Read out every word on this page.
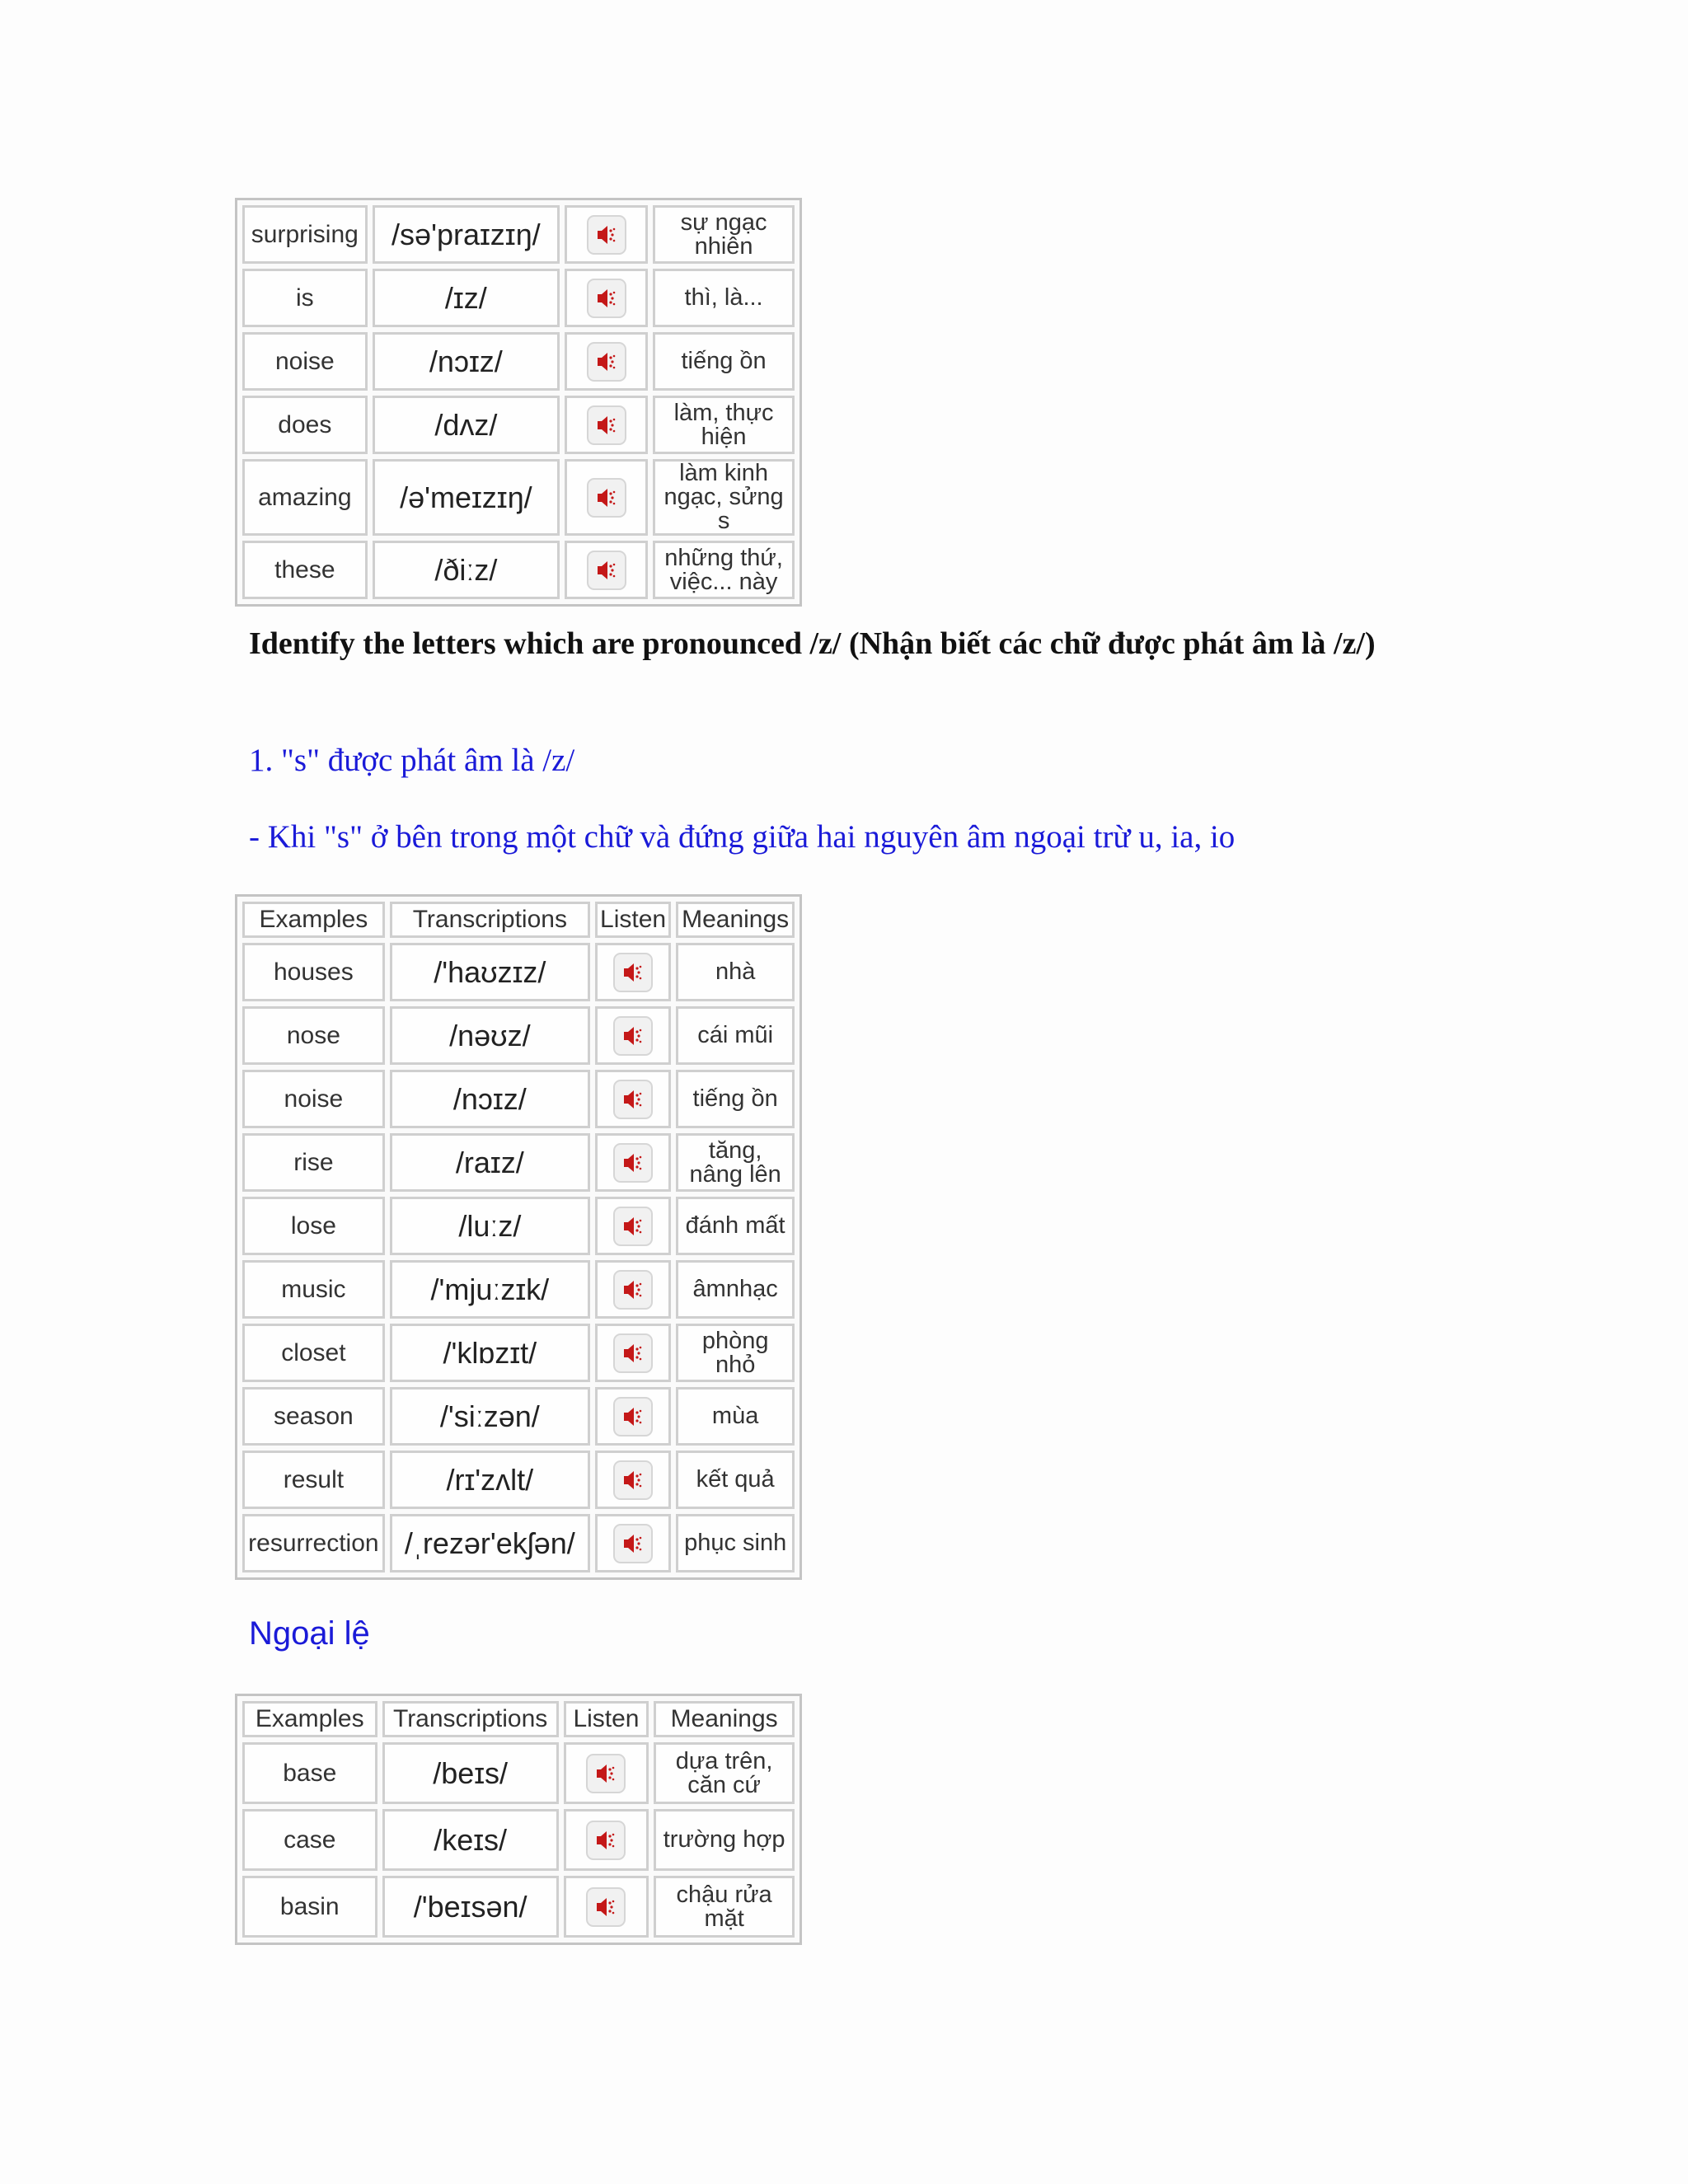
surprising	/sə'praɪzɪŋ/		sự ngạc nhiên
is	/ɪz/		thì, là...
noise	/nɔɪz/		tiếng ồn
does	/dʌz/		làm, thực hiện
amazing	/ə'meɪzɪŋ/		làm kinh ngạc, sửng s
these	/ðiːz/		những thứ, việc... này

Identify the letters which are pronounced /z/ (Nhận biết các chữ được phát âm là /z/)

1. "s" được phát âm là /z/

- Khi "s" ở bên trong một chữ và đứng giữa hai nguyên âm ngoại trừ u, ia, io

Examples	Transcriptions	Listen	Meanings
houses	/'haʊzɪz/		nhà
nose	/nəʊz/		cái mũi
noise	/nɔɪz/		tiếng ồn
rise	/raɪz/		tăng, nâng lên
lose	/luːz/		đánh mất
music	/'mjuːzɪk/		âmnhạc
closet	/'klɒzɪt/		phòng nhỏ
season	/'siːzən/		mùa
result	/rɪ'zʌlt/		kết quả
resurrection	/ˌrezər'ekʃən/		phục sinh

Ngoại lệ

Examples	Transcriptions	Listen	Meanings
base	/beɪs/		dựa trên, căn cứ
case	/keɪs/		trường hợp
basin	/'beɪsən/		chậu rửa mặt
